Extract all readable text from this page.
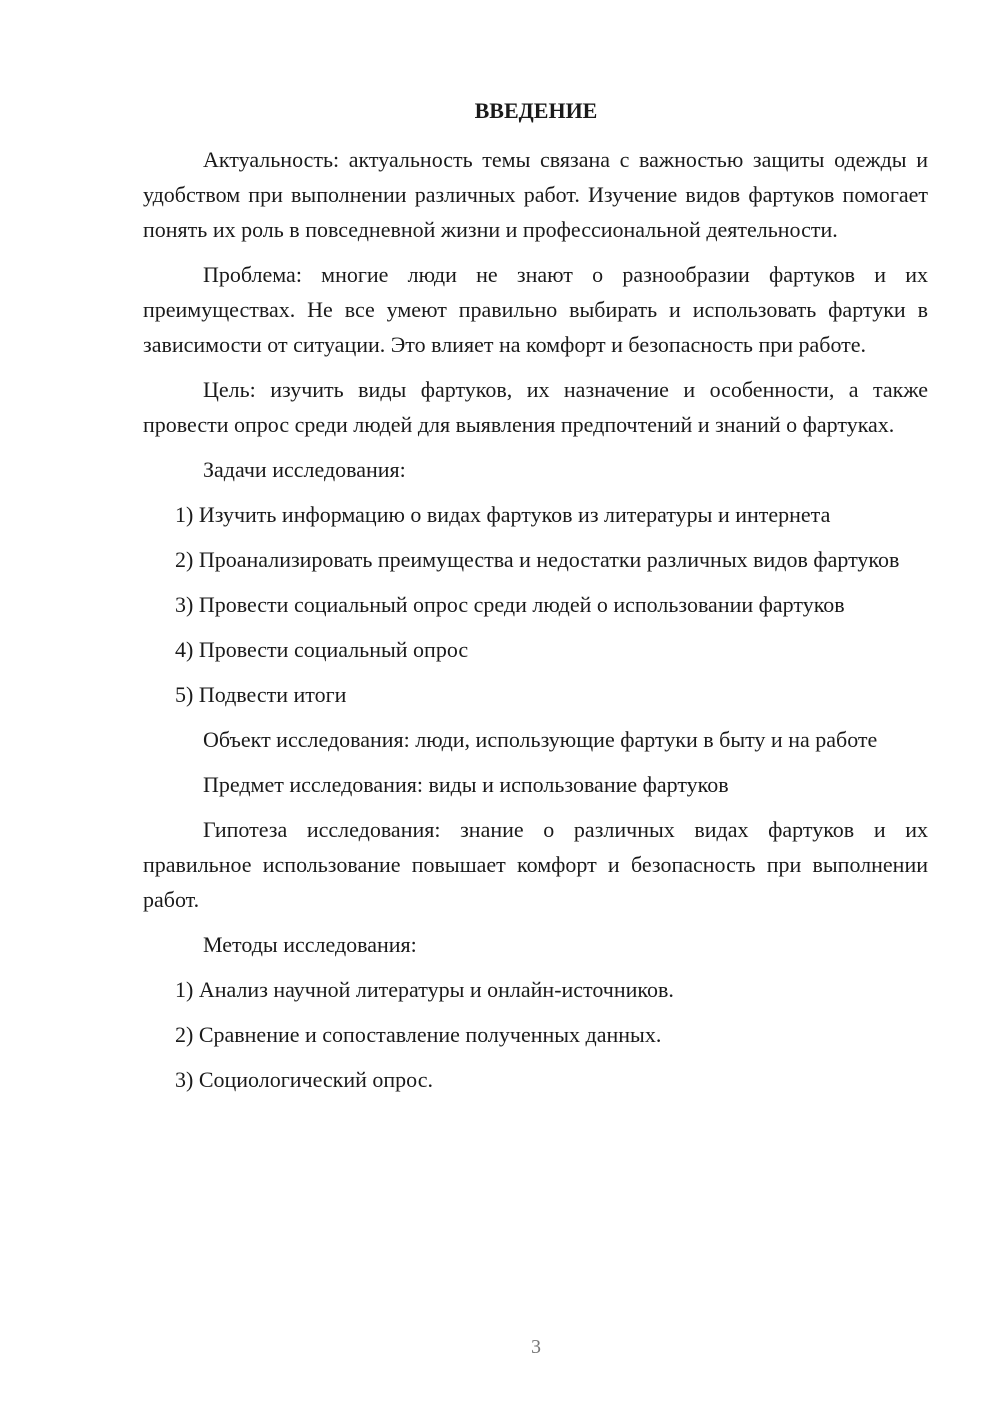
ВВЕДЕНИЕ

Актуальность: актуальность темы связана с важностью защиты одежды и удобством при выполнении различных работ. Изучение видов фартуков помогает понять их роль в повседневной жизни и профессиональной деятельности.

Проблема: многие люди не знают о разнообразии фартуков и их преимуществах. Не все умеют правильно выбирать и использовать фартуки в зависимости от ситуации. Это влияет на комфорт и безопасность при работе.

Цель: изучить виды фартуков, их назначение и особенности, а также провести опрос среди людей для выявления предпочтений и знаний о фартуках.

Задачи исследования:

1) Изучить информацию о видах фартуков из литературы и интернета

2) Проанализировать преимущества и недостатки различных видов фартуков

3) Провести социальный опрос среди людей о использовании фартуков

4) Провести социальный опрос

5) Подвести итоги

Объект исследования: люди, использующие фартуки в быту и на работе

Предмет исследования: виды и использование фартуков

Гипотеза исследования: знание о различных видах фартуков и их правильное использование повышает комфорт и безопасность при выполнении работ.

Методы исследования:

1) Анализ научной литературы и онлайн-источников.

2) Сравнение и сопоставление полученных данных.

3) Социологический опрос.

3
